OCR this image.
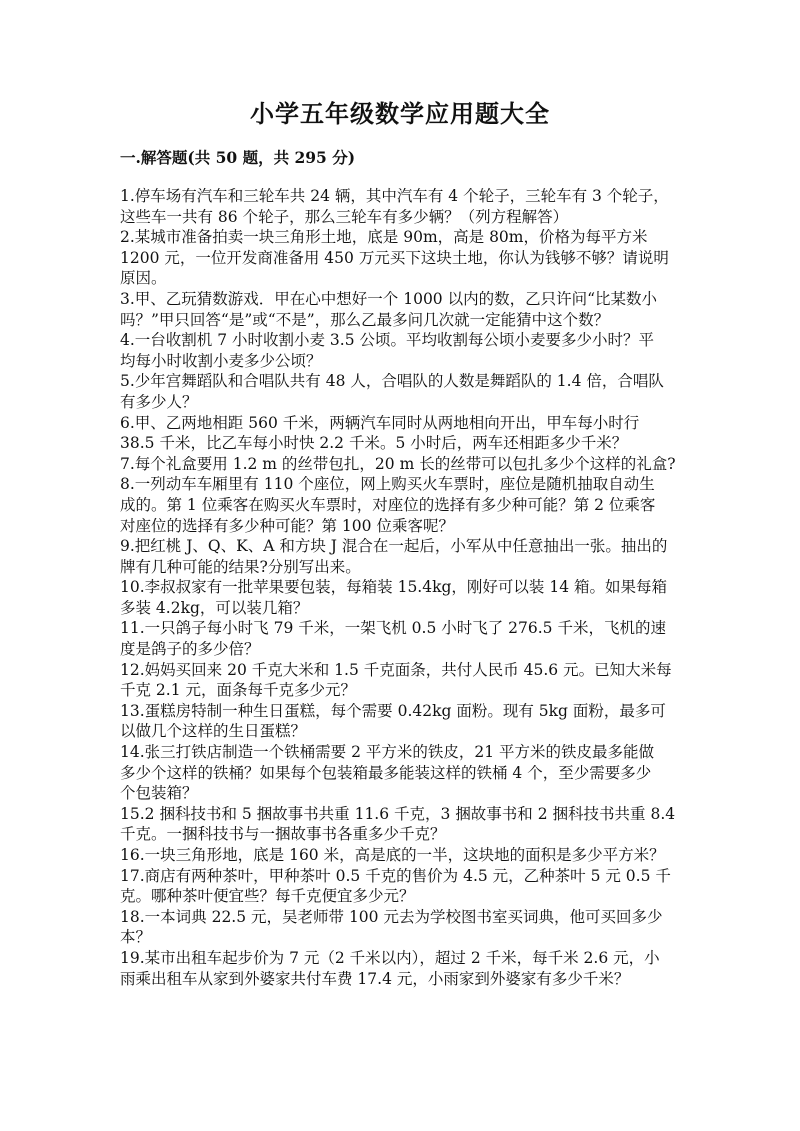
小学五年级数学应用题大全
一.解答题(共 50 题，共 295 分)
1.停车场有汽车和三轮车共 24 辆，其中汽车有 4 个轮子，三轮车有 3 个轮子，
这些车一共有 86 个轮子，那么三轮车有多少辆？（列方程解答）
2.某城市准备拍卖一块三角形土地，底是 90m，高是 80m，价格为每平方米
1200 元，一位开发商准备用 450 万元买下这块土地，你认为钱够不够？请说明
原因。
3.甲、乙玩猜数游戏．甲在心中想好一个 1000 以内的数，乙只许问“比某数小
吗？”甲只回答“是”或“不是”，那么乙最多问几次就一定能猜中这个数？
4.一台收割机 7 小时收割小麦 3.5 公顷。平均收割每公顷小麦要多少小时？平
均每小时收割小麦多少公顷？
5.少年宫舞蹈队和合唱队共有 48 人，合唱队的人数是舞蹈队的 1.4 倍，合唱队
有多少人？
6.甲、乙两地相距 560 千米，两辆汽车同时从两地相向开出，甲车每小时行
38.5 千米，比乙车每小时快 2.2 千米。5 小时后，两车还相距多少千米？
7.每个礼盒要用 1.2 m 的丝带包扎，20 m 长的丝带可以包扎多少个这样的礼盒?
8.一列动车车厢里有 110 个座位，网上购买火车票时，座位是随机抽取自动生
成的。第 1 位乘客在购买火车票时，对座位的选择有多少种可能？第 2 位乘客
对座位的选择有多少种可能？第 100 位乘客呢？
9.把红桃 J、Q、K、A 和方块 J 混合在一起后，小军从中任意抽出一张。抽出的
牌有几种可能的结果?分别写出来。
10.李叔叔家有一批苹果要包装，每箱装 15.4kg，刚好可以装 14 箱。如果每箱
多装 4.2kg，可以装几箱？
11.一只鸽子每小时飞 79 千米，一架飞机 0.5 小时飞了 276.5 千米，飞机的速
度是鸽子的多少倍？
12.妈妈买回来 20 千克大米和 1.5 千克面条，共付人民币 45.6 元。已知大米每
千克 2.1 元，面条每千克多少元？
13.蛋糕房特制一种生日蛋糕，每个需要 0.42kg 面粉。现有 5kg 面粉，最多可
以做几个这样的生日蛋糕？
14.张三打铁店制造一个铁桶需要 2 平方米的铁皮，21 平方米的铁皮最多能做
多少个这样的铁桶？如果每个包装箱最多能装这样的铁桶 4 个，至少需要多少
个包装箱？
15.2 捆科技书和 5 捆故事书共重 11.6 千克，3 捆故事书和 2 捆科技书共重 8.4
千克。一捆科技书与一捆故事书各重多少千克？
16.一块三角形地，底是 160 米，高是底的一半，这块地的面积是多少平方米？
17.商店有两种茶叶，甲种茶叶 0.5 千克的售价为 4.5 元，乙种茶叶 5 元 0.5 千
克。哪种茶叶便宜些？每千克便宜多少元？
18.一本词典 22.5 元，吴老师带 100 元去为学校图书室买词典，他可买回多少
本？
19.某市出租车起步价为 7 元（2 千米以内），超过 2 千米，每千米 2.6 元，小
雨乘出租车从家到外婆家共付车费 17.4 元，小雨家到外婆家有多少千米？
